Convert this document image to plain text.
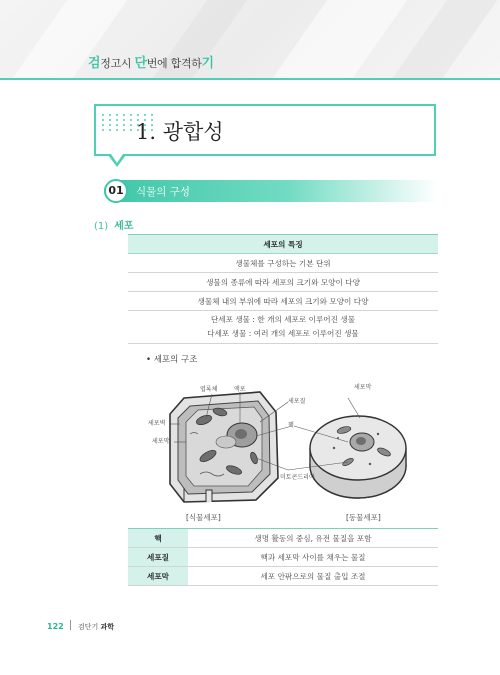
검정고시 단번에 합격하기
1. 광합성
01	식물의 구성
(1) 세포
세포의 특징
생물체를 구성하는 기본 단위
생물의 종류에 따라 세포의 크기와 모양이 다양
생물체 내의 부위에 따라 세포의 크기와 모양이 다양

단세포 생물 : 한 개의 세포로 이루어진 생물
다세포 생물 : 여러 개의 세포로 이루어진 생물
• 세포의 구조
엽록체	액포
세포질
세포막
세포벽	핵
세포막
미토콘드리아
[식물세포]	[동물세포]
핵	생명 활동의 중심, 유전 물질을 포함
세포질	핵과 세포막 사이를 채우는 물질
세포막	세포 안팎으로의 물질 출입 조절
122 검단기 과학
